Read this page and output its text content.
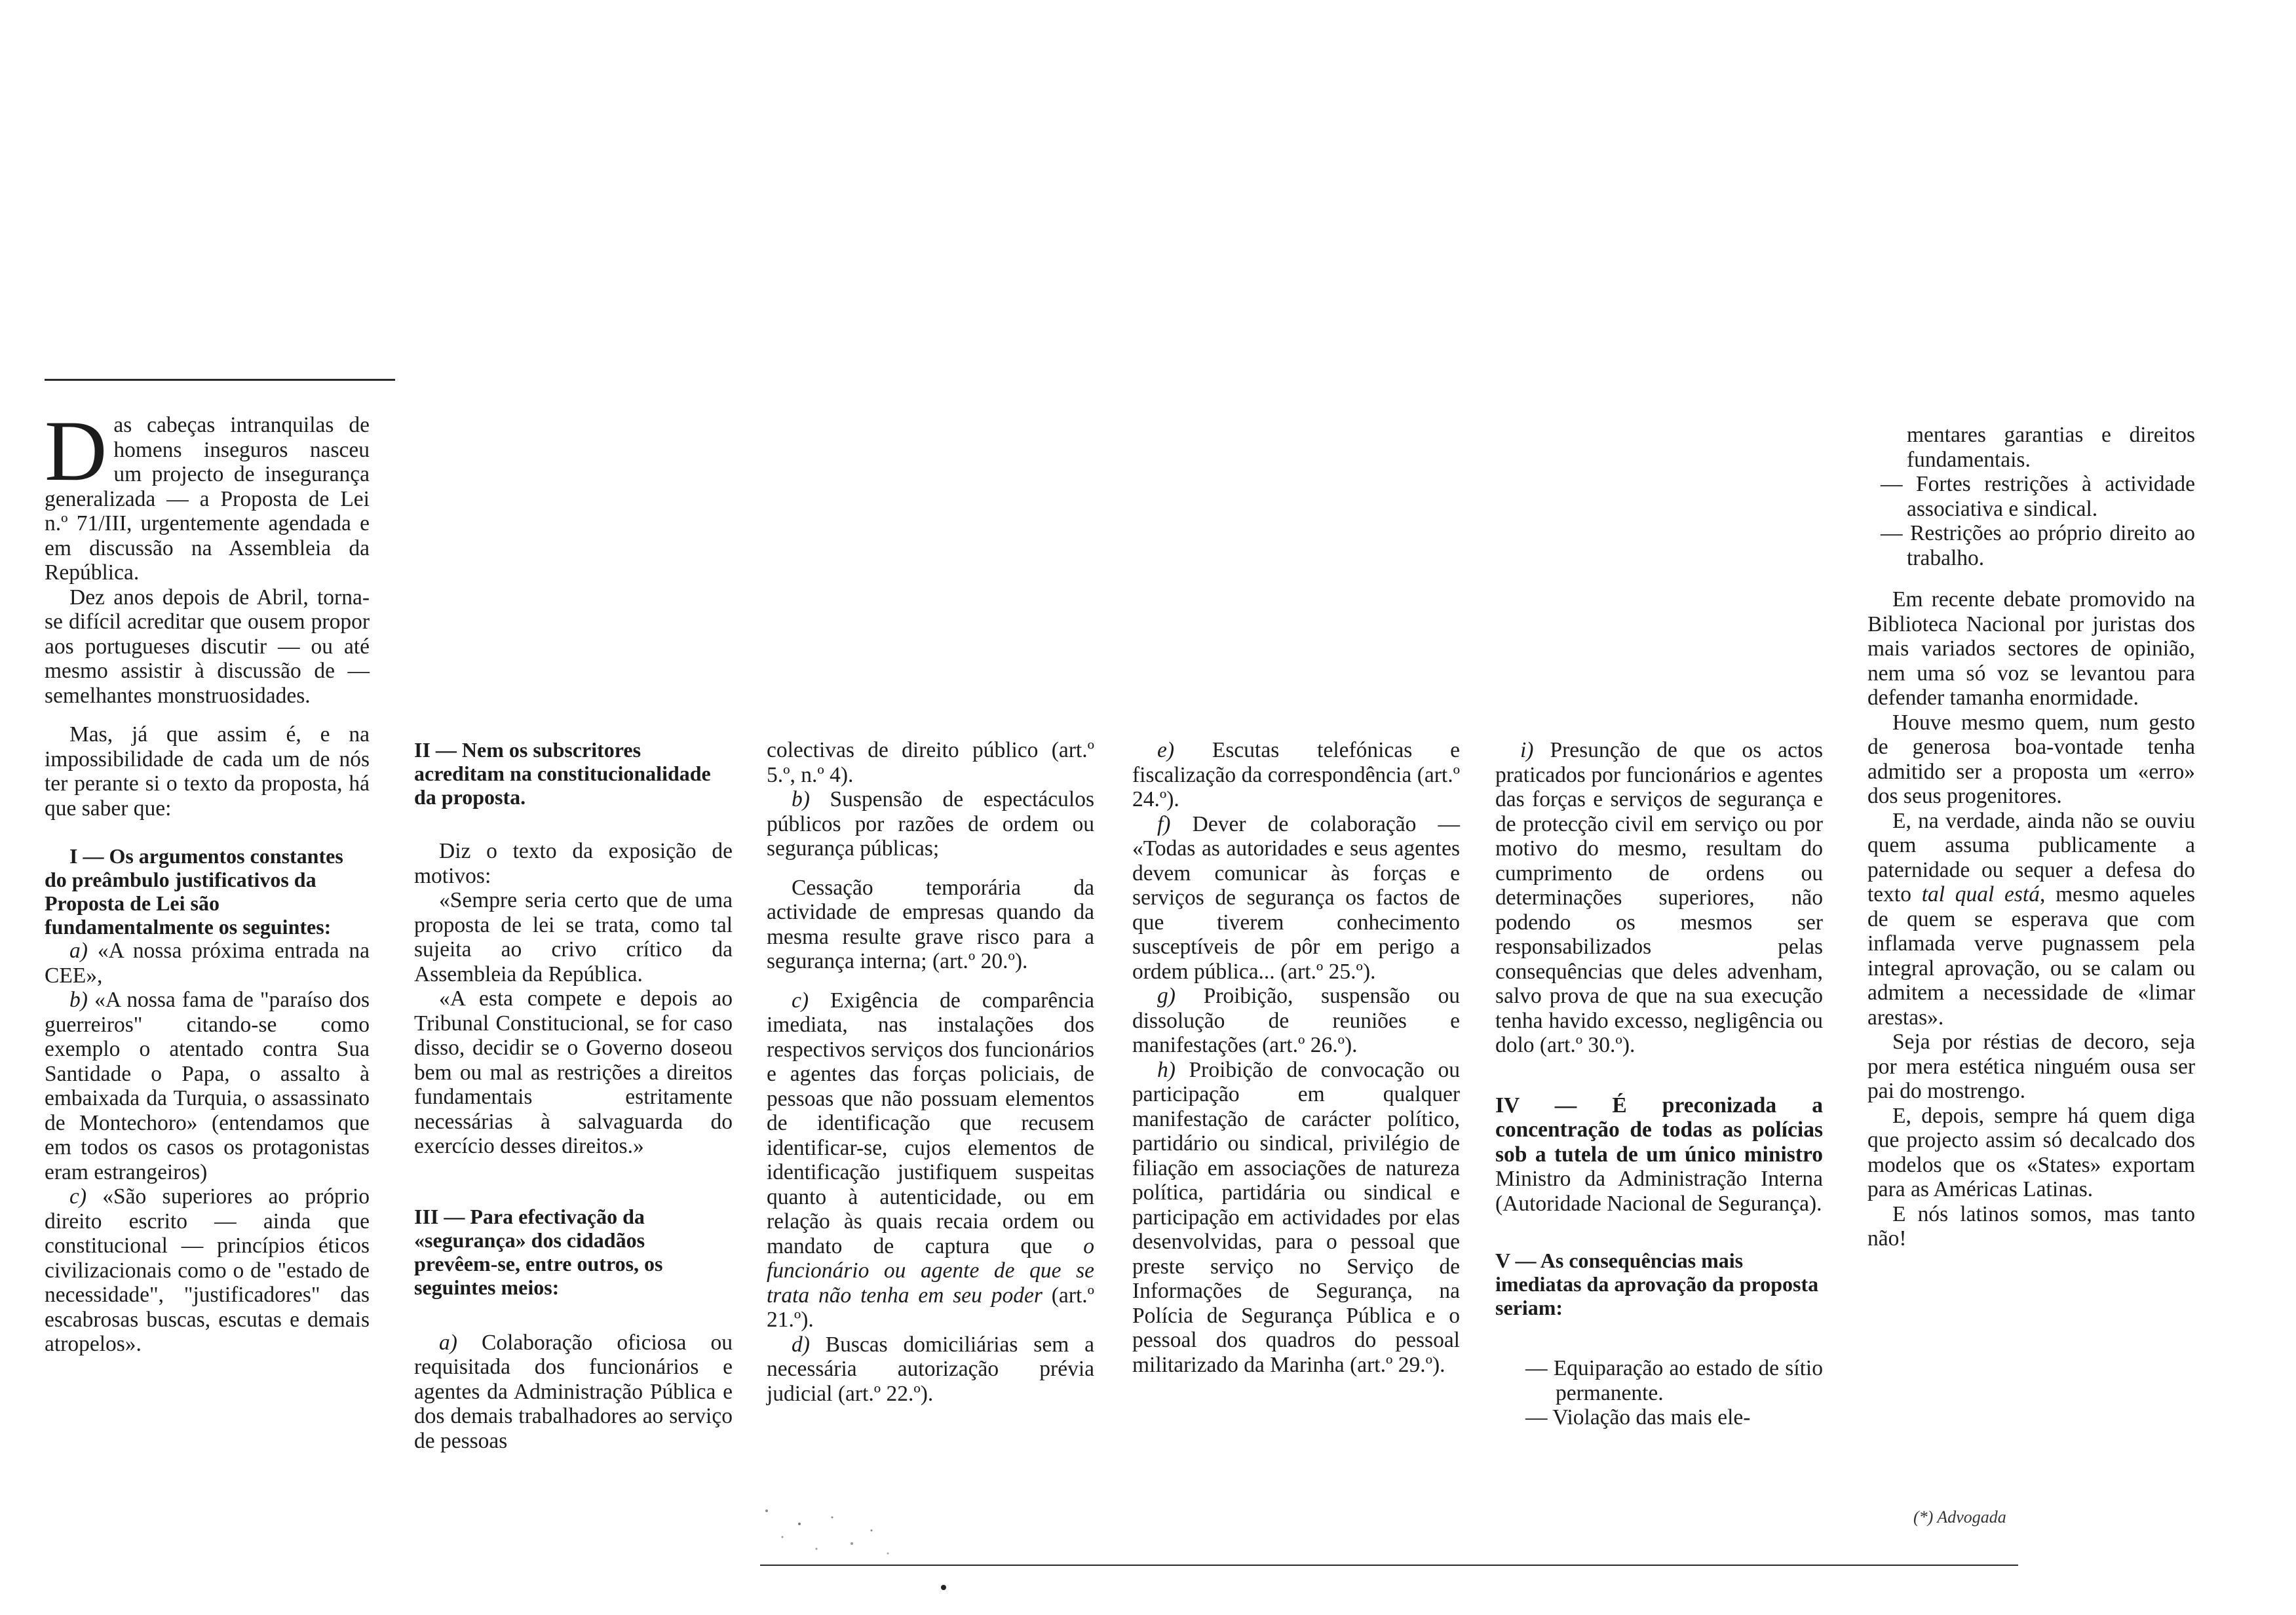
D as cabeças intranquilas de homens inseguros nasceu um projecto de insegurança generalizada — a Proposta de Lei n.º 71/III, urgentemente agendada e em discussão na Assembleia da República.

Dez anos depois de Abril, torna-se difícil acreditar que ousem propor aos portugueses discutir — ou até mesmo assistir à discussão de — semelhantes monstruosidades.

Mas, já que assim é, e na impossibilidade de cada um de nós ter perante si o texto da proposta, há que saber que:

I — Os argumentos constantes do preâmbulo justificativos da Proposta de Lei são fundamentalmente os seguintes:

a) «A nossa próxima entrada na CEE»,

b) «A nossa fama de "paraíso dos guerreiros" citando-se como exemplo o atentado contra Sua Santidade o Papa, o assalto à embaixada da Turquia, o assassinato de Montechoro» (entendamos que em todos os casos os protagonistas eram estrangeiros)

c) «São superiores ao próprio direito escrito — ainda que constitucional — princípios éticos civilizacionais como o de "estado de necessidade", "justificadores" das escabrosas buscas, escutas e demais atropelos».

II — Nem os subscritores acreditam na constitucionalidade da proposta.

Diz o texto da exposição de motivos:

«Sempre seria certo que de uma proposta de lei se trata, como tal sujeita ao crivo crítico da Assembleia da República.

«A esta compete e depois ao Tribunal Constitucional, se for caso disso, decidir se o Governo doseou bem ou mal as restrições a direitos fundamentais estritamente necessárias à salvaguarda do exercício desses direitos.»

III — Para efectivação da «segurança» dos cidadãos prevêem-se, entre outros, os seguintes meios:

a) Colaboração oficiosa ou requisitada dos funcionários e agentes da Administração Pública e dos demais trabalhadores ao serviço de pessoas

colectivas de direito público (art.º 5.º, n.º 4).

b) Suspensão de espectáculos públicos por razões de ordem ou segurança públicas;

Cessação temporária da actividade de empresas quando da mesma resulte grave risco para a segurança interna; (art.º 20.º).

c) Exigência de comparência imediata, nas instalações dos respectivos serviços dos funcionários e agentes das forças policiais, de pessoas que não possuam elementos de identificação que recusem identificar-se, cujos elementos de identificação justifiquem suspeitas quanto à autenticidade, ou em relação às quais recaia ordem ou mandato de captura que o funcionário ou agente de que se trata não tenha em seu poder (art.º 21.º).

d) Buscas domiciliárias sem a necessária autorização prévia judicial (art.º 22.º).

e) Escutas telefónicas e fiscalização da correspondência (art.º 24.º).

f) Dever de colaboração — «Todas as autoridades e seus agentes devem comunicar às forças e serviços de segurança os factos de que tiverem conhecimento susceptíveis de pôr em perigo a ordem pública... (art.º 25.º).

g) Proibição, suspensão ou dissolução de reuniões e manifestações (art.º 26.º).

h) Proibição de convocação ou participação em qualquer manifestação de carácter político, partidário ou sindical, privilégio de filiação em associações de natureza política, partidária ou sindical e participação em actividades por elas desenvolvidas, para o pessoal que preste serviço no Serviço de Informações de Segurança, na Polícia de Segurança Pública e o pessoal dos quadros do pessoal militarizado da Marinha (art.º 29.º).

i) Presunção de que os actos praticados por funcionários e agentes das forças e serviços de segurança e de protecção civil em serviço ou por motivo do mesmo, resultam do cumprimento de ordens ou determinações superiores, não podendo os mesmos ser responsabilizados pelas consequências que deles advenham, salvo prova de que na sua execução tenha havido excesso, negligência ou dolo (art.º 30.º).

IV — É preconizada a concentração de todas as polícias sob a tutela de um único ministro Ministro da Administração Interna (Autoridade Nacional de Segurança).

V — As consequências mais imediatas da aprovação da proposta seriam:

— Equiparação ao estado de sítio permanente.

— Violação das mais ele-

mentares garantias e direitos fundamentais.

— Fortes restrições à actividade associativa e sindical.

— Restrições ao próprio direito ao trabalho.

Em recente debate promovido na Biblioteca Nacional por juristas dos mais variados sectores de opinião, nem uma só voz se levantou para defender tamanha enormidade.

Houve mesmo quem, num gesto de generosa boa-vontade tenha admitido ser a proposta um «erro» dos seus progenitores.

E, na verdade, ainda não se ouviu quem assuma publicamente a paternidade ou sequer a defesa do texto tal qual está, mesmo aqueles de quem se esperava que com inflamada verve pugnassem pela integral aprovação, ou se calam ou admitem a necessidade de «limar arestas».

Seja por réstias de decoro, seja por mera estética ninguém ousa ser pai do mostrengo.

E, depois, sempre há quem diga que projecto assim só decalcado dos modelos que os «States» exportam para as Américas Latinas.

E nós latinos somos, mas tanto não!

(*) Advogada
